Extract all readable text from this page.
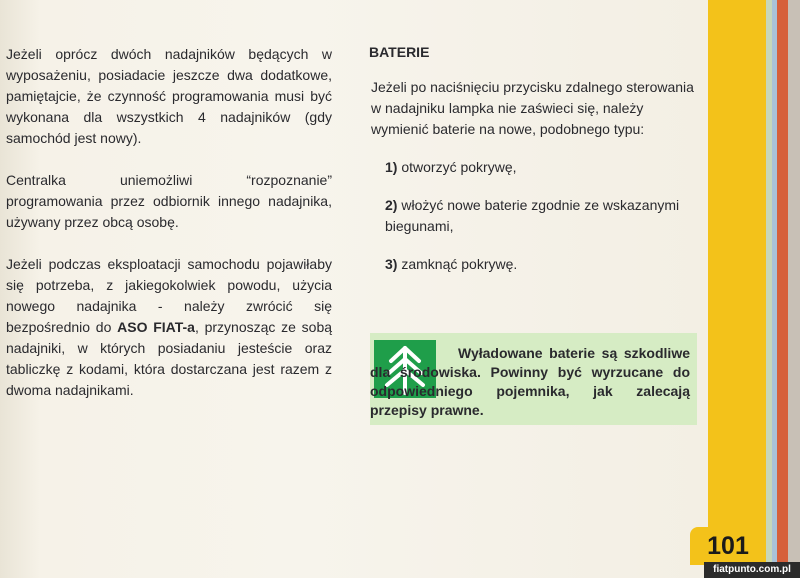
Jeżeli oprócz dwóch nadajników będących w wyposażeniu, posiadacie jeszcze dwa dodatkowe, pamiętajcie, że czynność programowania musi być wykonana dla wszystkich 4 nadajników (gdy samochód jest nowy).

Centralka uniemożliwi “rozpoznanie” programowania przez odbiornik innego nadajnika, używany przez obcą osobę.

Jeżeli podczas eksploatacji samochodu pojawiłaby się potrzeba, z jakiegokolwiek powodu, użycia nowego nadajnika - należy zwrócić się bezpośrednio do ASO FIAT-a, przynosząc ze sobą nadajniki, w których posiadaniu jesteście oraz tabliczkę z kodami, która dostarczana jest razem z dwoma nadajnikami.

BATERIE

Jeżeli po naciśnięciu przycisku zdalnego sterowania w nadajniku lampka nie zaświeci się, należy wymienić baterie na nowe, podobnego typu:

1) otworzyć pokrywę,

2) włożyć nowe baterie zgodnie ze wskazanymi biegunami,

3) zamknąć pokrywę.

Wyładowane baterie są szkodliwe dla środowiska. Powinny być wyrzucane do odpowiedniego pojemnika, jak zalecają przepisy prawne.
101
fiatpunto.com.pl
